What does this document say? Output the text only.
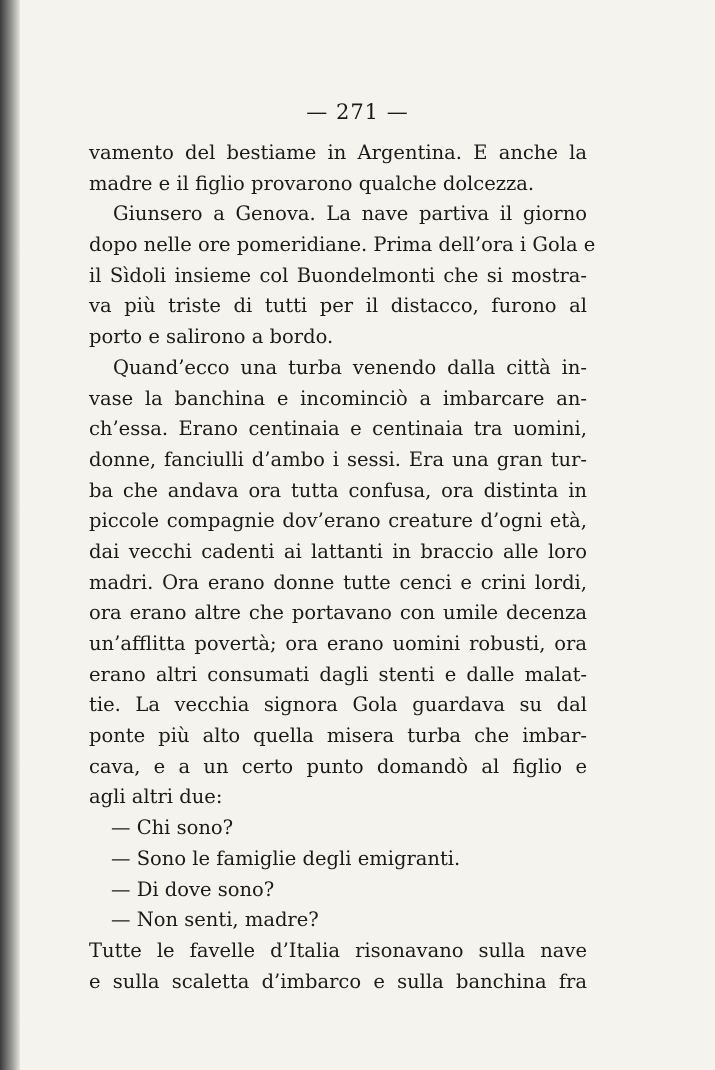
— 271 —
vamento del bestiame in Argentina. E anche la
madre e il figlio provarono qualche dolcezza.
Giunsero a Genova. La nave partiva il giorno
dopo nelle ore pomeridiane. Prima dell’ora i Gola e
il Sìdoli insieme col Buondelmonti che si mostra-
va più triste di tutti per il distacco, furono al
porto e salirono a bordo.
Quand’ecco una turba venendo dalla città in-
vase la banchina e incominciò a imbarcare an-
ch’essa. Erano centinaia e centinaia tra uomini,
donne, fanciulli d’ambo i sessi. Era una gran tur-
ba che andava ora tutta confusa, ora distinta in
piccole compagnie dov’erano creature d’ogni età,
dai vecchi cadenti ai lattanti in braccio alle loro
madri. Ora erano donne tutte cenci e crini lordi,
ora erano altre che portavano con umile decenza
un’afflitta povertà; ora erano uomini robusti, ora
erano altri consumati dagli stenti e dalle malat-
tie. La vecchia signora Gola guardava su dal
ponte più alto quella misera turba che imbar-
cava, e a un certo punto domandò al figlio e
agli altri due:
— Chi sono?
— Sono le famiglie degli emigranti.
— Di dove sono?
— Non senti, madre?
Tutte le favelle d’Italia risonavano sulla nave
e sulla scaletta d’imbarco e sulla banchina fra
